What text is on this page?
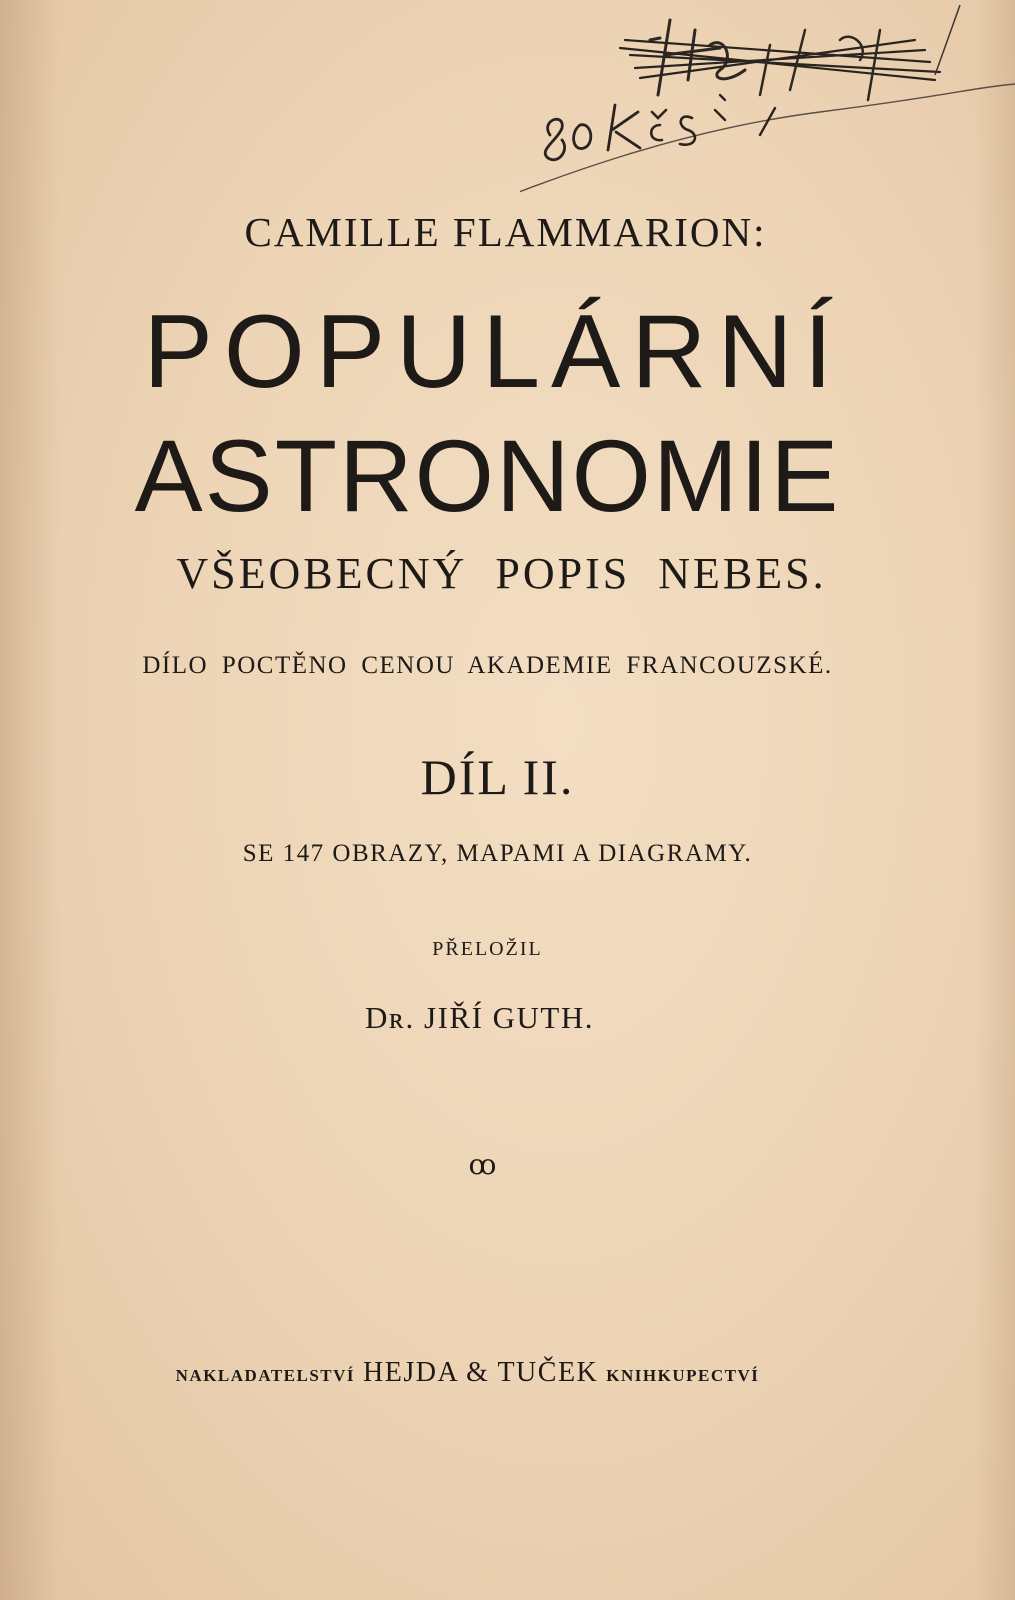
CAMILLE FLAMMARION:
POPULÁRNÍ
ASTRONOMIE
VŠEOBECNÝ POPIS NEBES.
DÍLO POCTĚNO CENOU AKADEMIE FRANCOUZSKÉ.
DÍL II.
SE 147 OBRAZY, MAPAMI A DIAGRAMY.
PŘELOŽIL
Dʀ. JIŘÍ GUTH.
ꝏ
NAKLADATELSTVÍ HEJDA & TUČEK KNIHKUPECTVÍ
